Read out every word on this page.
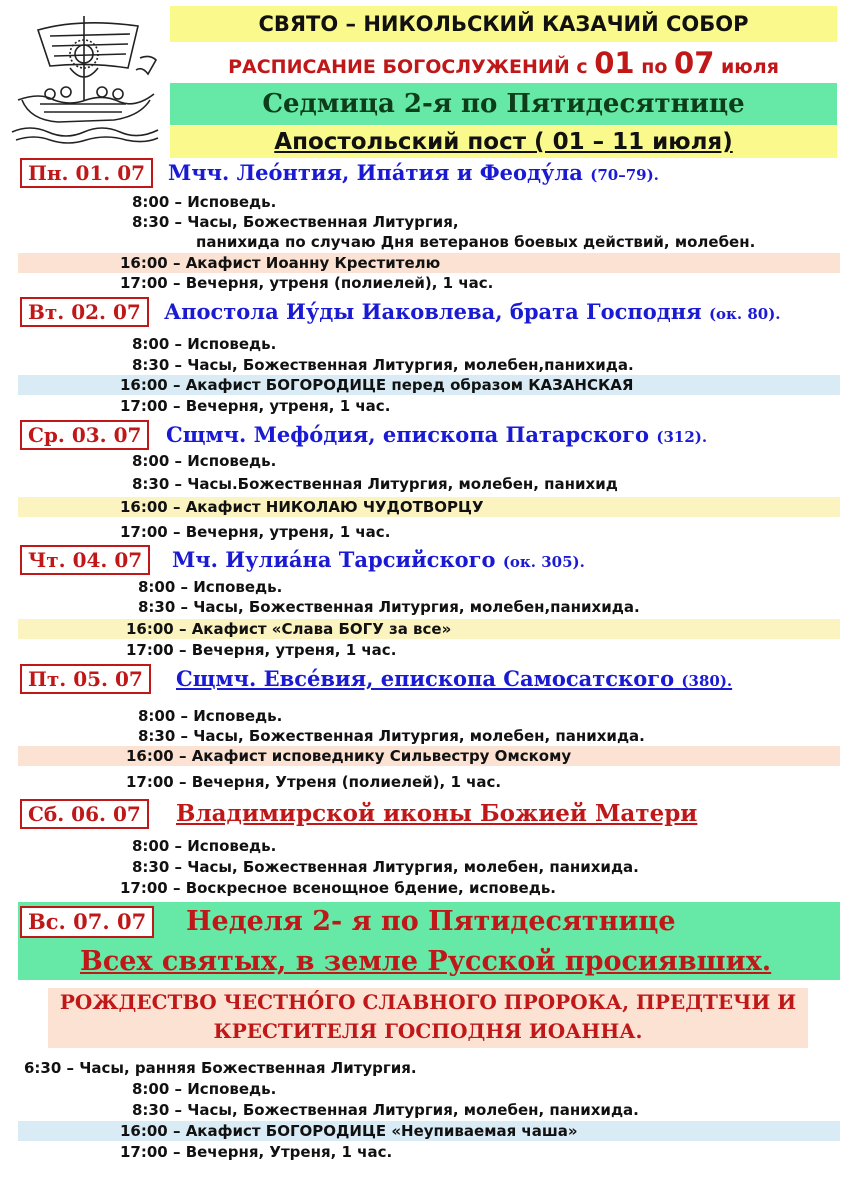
СВЯТО – НИКОЛЬСКИЙ КАЗАЧИЙ СОБОР
РАСПИСАНИЕ БОГОСЛУЖЕНИЙ с 01 по 07 июля
Седмица 2-я по Пятидесятнице
Апостольский пост ( 01 – 11 июля)
Пн. 01. 07	Мчч. Лео́нтия, Ипа́тия и Феоду́ла (70–79).
8:00 – Исповедь.
8:30 – Часы, Божественная Литургия,
панихида по случаю Дня ветеранов боевых действий, молебен.
16:00 – Акафист Иоанну Крестителю
17:00 – Вечерня, утреня (полиелей), 1 час.
Вт. 02. 07	Апостола Иу́ды Иаковлева, брата Господня (ок. 80).
8:00 – Исповедь.
8:30 – Часы, Божественная Литургия, молебен,панихида.
16:00 – Акафист БОГОРОДИЦЕ перед образом КАЗАНСКАЯ
17:00 – Вечерня, утреня, 1 час.
Ср. 03. 07	Сщмч. Мефо́дия, епископа Патарского (312).
8:00 – Исповедь.
8:30 – Часы.Божественная Литургия, молебен, панихид
16:00 – Акафист НИКОЛАЮ ЧУДОТВОРЦУ
17:00 – Вечерня, утреня, 1 час.
Чт. 04. 07	Мч. Иулиа́на Тарсийского (ок. 305).
8:00 – Исповедь.
8:30 – Часы, Божественная Литургия, молебен,панихида.
16:00 – Акафист «Слава БОГУ за все»
17:00 – Вечерня, утреня, 1 час.
Пт. 05. 07	Сщмч. Евсе́вия, епископа Самосатского (380).
8:00 – Исповедь.
8:30 – Часы, Божественная Литургия, молебен, панихида.
16:00 – Акафист исповеднику Сильвестру Омскому
17:00 – Вечерня, Утреня (полиелей), 1 час.
Сб. 06. 07	Владимирской иконы Божией Матери
8:00 – Исповедь.
8:30 – Часы, Божественная Литургия, молебен, панихида.
17:00 – Воскресное всенощное бдение, исповедь.
Вс. 07. 07 Неделя 2- я по Пятидесятнице
Всех святых, в земле Русской просиявших.
РОЖДЕСТВО ЧЕСТНО́ГО СЛАВНОГО ПРОРОКА, ПРЕДТЕЧИ И
КРЕСТИТЕЛЯ ГОСПОДНЯ ИОАННА.
6:30 – Часы, ранняя Божественная Литургия.
8:00 – Исповедь.
8:30 – Часы, Божественная Литургия, молебен, панихида.
16:00 – Акафист БОГОРОДИЦЕ «Неупиваемая чаша»
17:00 – Вечерня, Утреня, 1 час.
